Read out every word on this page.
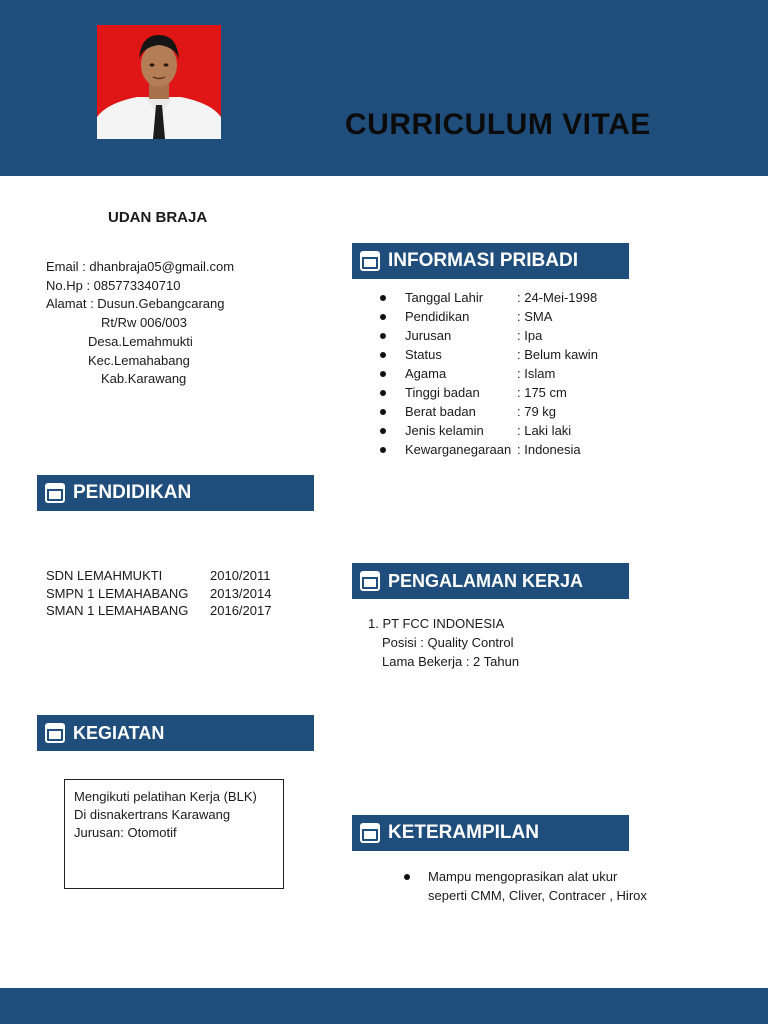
CURRICULUM VITAE
UDAN BRAJA
Email : dhanbraja05@gmail.com
No.Hp : 085773340710
Alamat : Dusun.Gebangcarang
Rt/Rw 006/003
Desa.Lemahmukti
Kec.Lemahabang
Kab.Karawang
INFORMASI PRIBADI
Tanggal Lahir	: 24-Mei-1998
Pendidikan	: SMA
Jurusan	: Ipa
Status	: Belum kawin
Agama	: Islam
Tinggi badan	: 175 cm
Berat badan	: 79 kg
Jenis kelamin	: Laki laki
Kewarganegaraan : Indonesia
PENDIDIKAN
SDN LEMAHMUKTI	2010/2011
SMPN 1 LEMAHABANG	2013/2014
SMAN 1 LEMAHABANG	2016/2017
PENGALAMAN KERJA
1. PT FCC INDONESIA
Posisi : Quality Control
Lama Bekerja : 2 Tahun
KEGIATAN
Mengikuti pelatihan Kerja (BLK)
Di disnakertrans Karawang
Jurusan: Otomotif	KETERAMPILAN
Mampu mengoprasikan alat ukur
seperti CMM, Cliver, Contracer , Hirox
